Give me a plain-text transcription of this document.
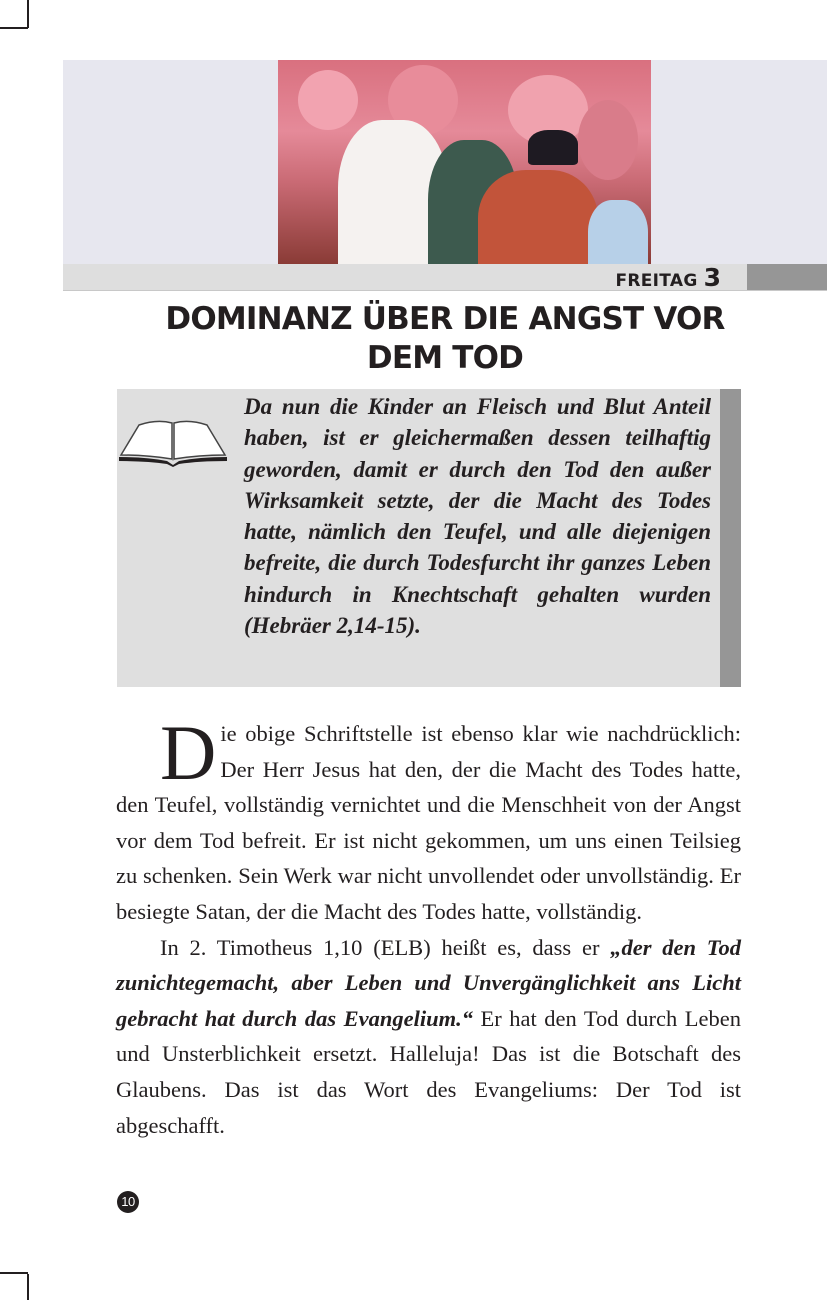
FREITAG 3
DOMINANZ ÜBER DIE ANGST VOR
DEM TOD
Da nun die Kinder an Fleisch und Blut Anteil haben, ist er gleichermaßen dessen teilhaftig geworden, damit er durch den Tod den außer Wirksamkeit setzte, der die Macht des Todes hatte, nämlich den Teufel, und alle diejenigen befreite, die durch Todesfurcht ihr ganzes Leben hindurch in Knechtschaft gehalten wurden (Hebräer 2,14-15).

Die obige Schriftstelle ist ebenso klar wie nachdrücklich: Der Herr Jesus hat den, der die Macht des Todes hatte, den Teufel, vollständig vernichtet und die Menschheit von der Angst vor dem Tod befreit. Er ist nicht gekommen, um uns einen Teilsieg zu schenken. Sein Werk war nicht unvollendet oder unvollständig. Er besiegte Satan, der die Macht des Todes hatte, vollständig.

In 2. Timotheus 1,10 (ELB) heißt es, dass er „der den Tod zunichtegemacht, aber Leben und Unvergänglichkeit ans Licht gebracht hat durch das Evangelium.“ Er hat den Tod durch Leben und Unsterblichkeit ersetzt. Halleluja! Das ist die Botschaft des Glaubens. Das ist das Wort des Evangeliums: Der Tod ist abgeschafft.

10
